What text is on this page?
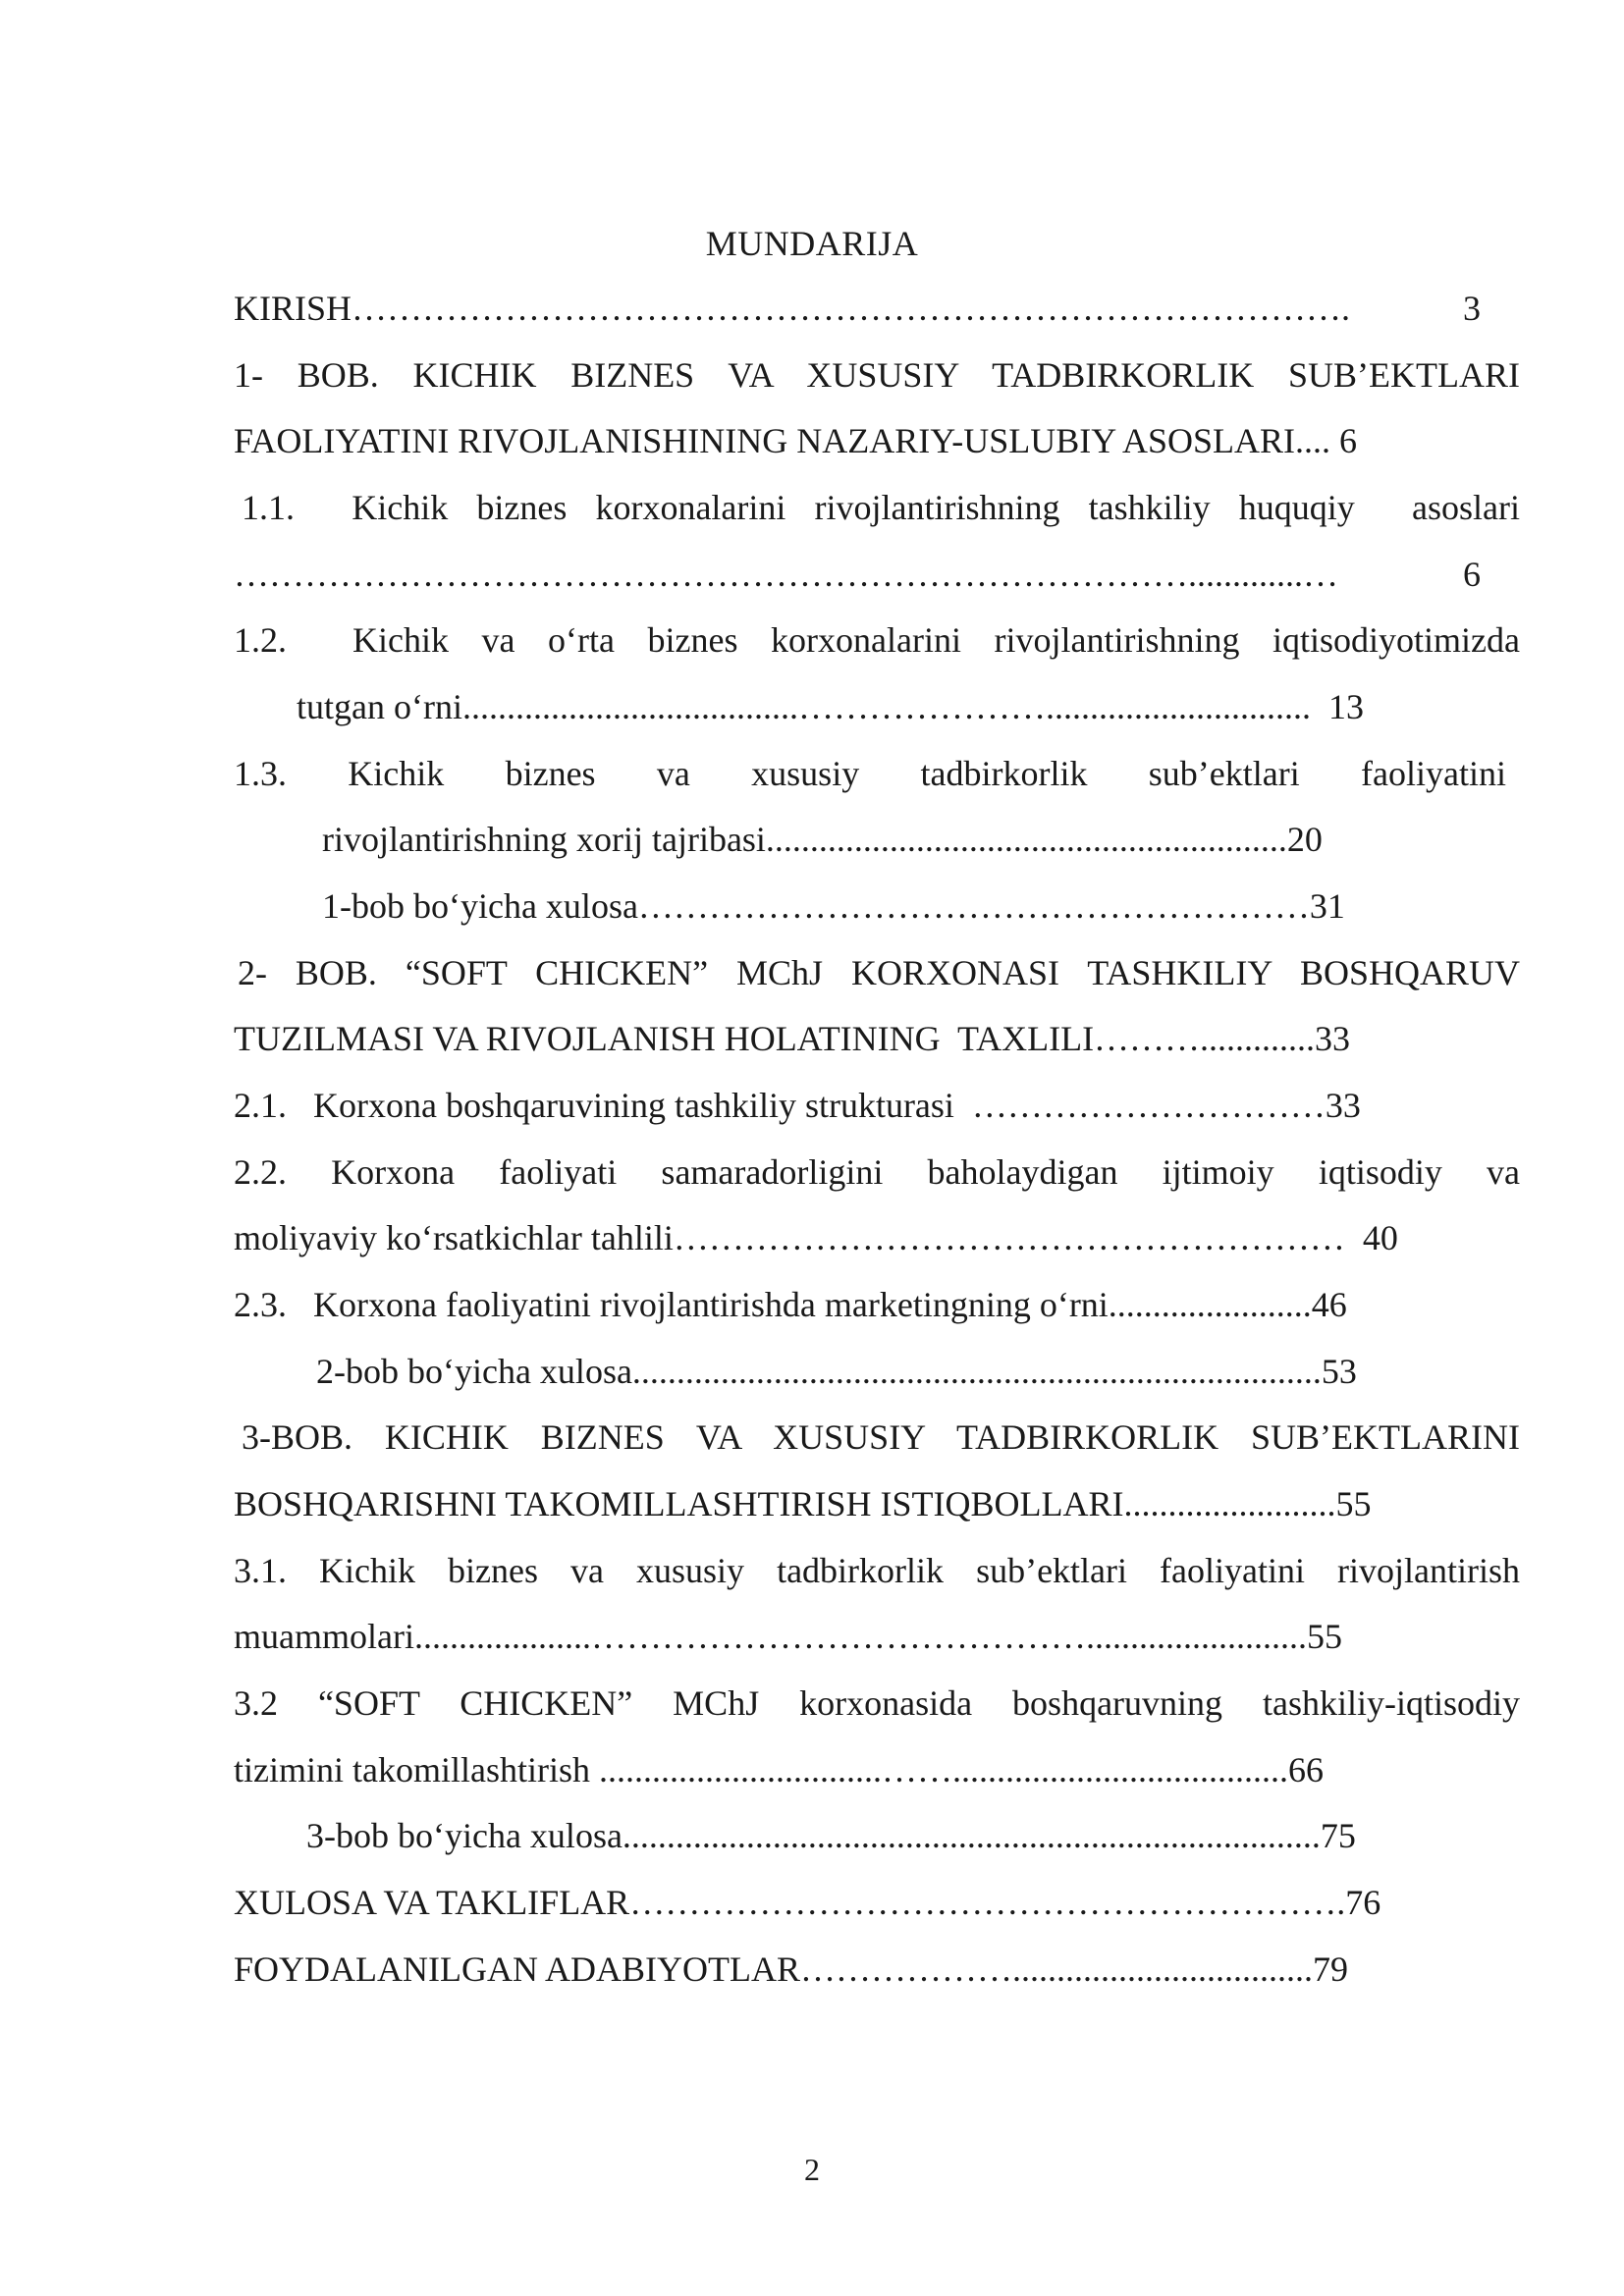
MUNDARIJA
KIRISH…………………………………………………………………………. 3
1- BOB. KICHIK BIZNES VA XUSUSIY TADBIRKORLIK SUB’EKTLARI
FAOLIYATINI RIVOJLANISHINING NAZARIY-USLUBIY ASOSLARI.... 6
1.1.  Kichik biznes korxonalarini rivojlantirishning tashkiliy huquqiy  asoslari
……………………………………………………………………….............… 6
1.2.  Kichik va o‘rta biznes korxonalarini rivojlantirishning iqtisodiyotimizda
tutgan o‘rni......................................…………………..............................  13
1.3. Kichik biznes va xususiy tadbirkorlik sub’ektlari faoliyatini
rivojlantirishning xorij tajribasi...........................................................20
1-bob bo‘yicha xulosa…………………………………………………31
2- BOB. “SOFT CHICKEN” MChJ KORXONASI TASHKILIY BOSHQARUV
TUZILMASI VA RIVOJLANISH HOLATINING  TAXLILI……….............33
2.1.   Korxona boshqaruvining tashkiliy strukturasi  …………………………33
2.2. Korxona faoliyati samaradorligini baholaydigan ijtimoiy iqtisodiy va
moliyaviy ko‘rsatkichlar tahlili…………………………………………………  40
2.3.   Korxona faoliyatini rivojlantirishda marketingning o‘rni.......................46
2-bob bo‘yicha xulosa..............................................................................53
3-BOB. KICHIK BIZNES VA XUSUSIY TADBIRKORLIK SUB’EKTLARINI
BOSHQARISHNI TAKOMILLASHTIRISH ISTIQBOLLARI........................55
3.1. Kichik biznes va xususiy tadbirkorlik sub’ektlari faoliyatini rivojlantirish
muammolari....................…………………………………….........................55
3.2 “SOFT CHICKEN” MChJ korxonasida boshqaruvning tashkiliy-iqtisodiy
tizimini takomillashtirish ................................……......................................66
3-bob bo‘yicha xulosa...............................................................................75
XULOSA VA TAKLIFLAR…………………………………………………….76
FOYDALANILGAN ADABIYOTLAR………………..................................79
2
